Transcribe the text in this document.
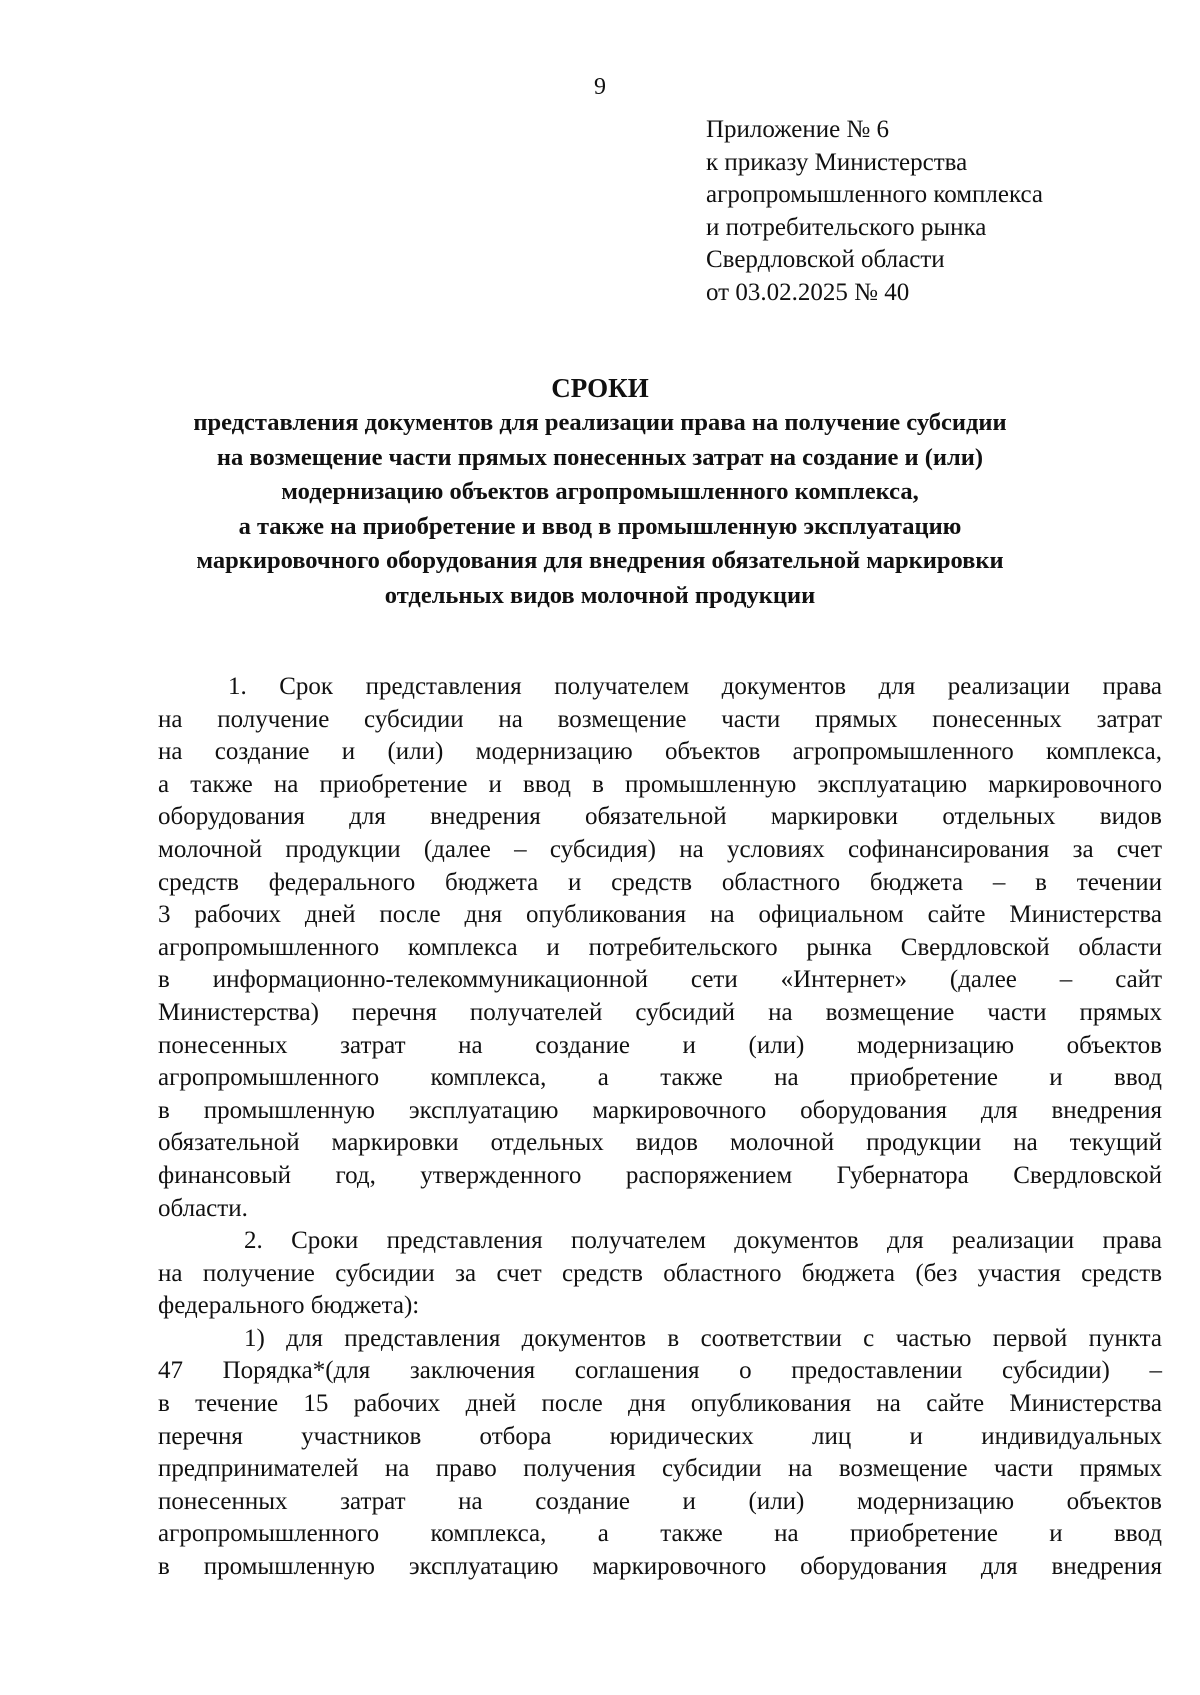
9
Приложение № 6
к приказу Министерства
агропромышленного комплекса
и потребительского рынка
Свердловской области
от 03.02.2025 № 40
СРОКИ
представления документов для реализации права на получение субсидии
на возмещение части прямых понесенных затрат на создание и (или)
модернизацию объектов агропромышленного комплекса,
а также на приобретение и ввод в промышленную эксплуатацию
маркировочного оборудования для внедрения обязательной маркировки
отдельных видов молочной продукции
1. Срок представления получателем документов для реализации права
на получение субсидии на возмещение части прямых понесенных затрат
на создание и (или) модернизацию объектов агропромышленного комплекса,
а также на приобретение и ввод в промышленную эксплуатацию маркировочного
оборудования для внедрения обязательной маркировки отдельных видов
молочной продукции (далее – субсидия) на условиях софинансирования за счет
средств федерального бюджета и средств областного бюджета – в течении
3 рабочих дней после дня опубликования на официальном сайте Министерства
агропромышленного комплекса и потребительского рынка Свердловской области
в информационно-телекоммуникационной сети «Интернет» (далее – сайт
Министерства) перечня получателей субсидий на возмещение части прямых
понесенных затрат на создание и (или) модернизацию объектов
агропромышленного комплекса, а также на приобретение и ввод
в промышленную эксплуатацию маркировочного оборудования для внедрения
обязательной маркировки отдельных видов молочной продукции на текущий
финансовый год, утвержденного распоряжением Губернатора Свердловской
области.
2. Сроки представления получателем документов для реализации права
на получение субсидии за счет средств областного бюджета (без участия средств
федерального бюджета):
1) для представления документов в соответствии с частью первой пункта
47 Порядка*(для заключения соглашения о предоставлении субсидии) –
в течение 15 рабочих дней после дня опубликования на сайте Министерства
перечня участников отбора юридических лиц и индивидуальных
предпринимателей на право получения субсидии на возмещение части прямых
понесенных затрат на создание и (или) модернизацию объектов
агропромышленного комплекса, а также на приобретение и ввод
в промышленную эксплуатацию маркировочного оборудования для внедрения
